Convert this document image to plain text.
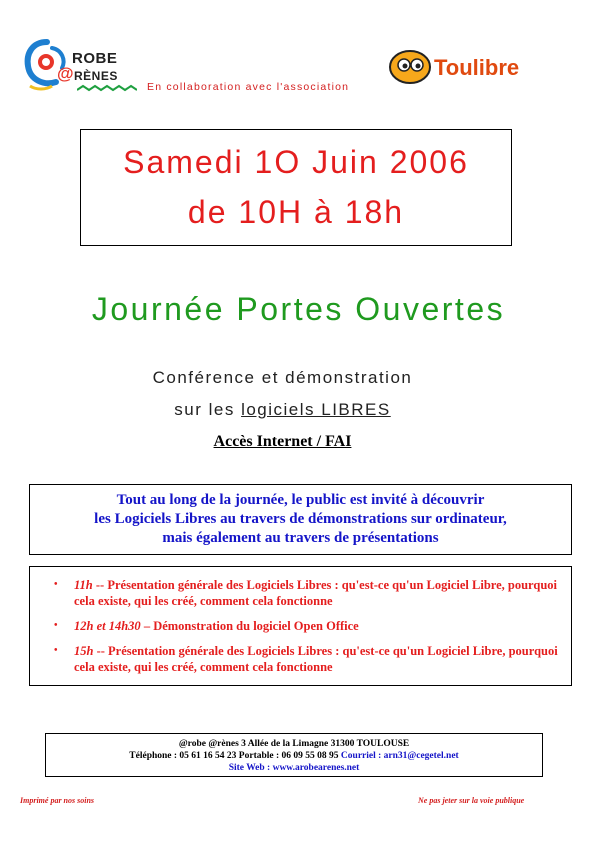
ROBE
@ RÈNES
En collaboration avec l'association
Toulibre
Samedi 1O Juin 2006
de 10H à 18h
Journée Portes Ouvertes
Conférence et démonstration
sur les logiciels LIBRES
Accès Internet / FAI
Tout au long de la journée, le public est invité à découvrir
les Logiciels Libres au travers de démonstrations sur ordinateur,
mais également au travers de présentations
• 11h -- Présentation générale des Logiciels Libres : qu'est-ce qu'un Logiciel Libre, pourquoi cela existe, qui les créé, comment cela fonctionne
• 12h et 14h30 – Démonstration du logiciel Open Office
• 15h -- Présentation générale des Logiciels Libres : qu'est-ce qu'un Logiciel Libre, pourquoi cela existe, qui les créé, comment cela fonctionne
@robe @rènes 3 Allée de la Limagne 31300 TOULOUSE
Téléphone : 05 61 16 54 23 Portable : 06 09 55 08 95 Courriel : arn31@cegetel.net
Site Web : www.arobearenes.net
Imprimé par nos soins	Ne pas jeter sur la voie publique
